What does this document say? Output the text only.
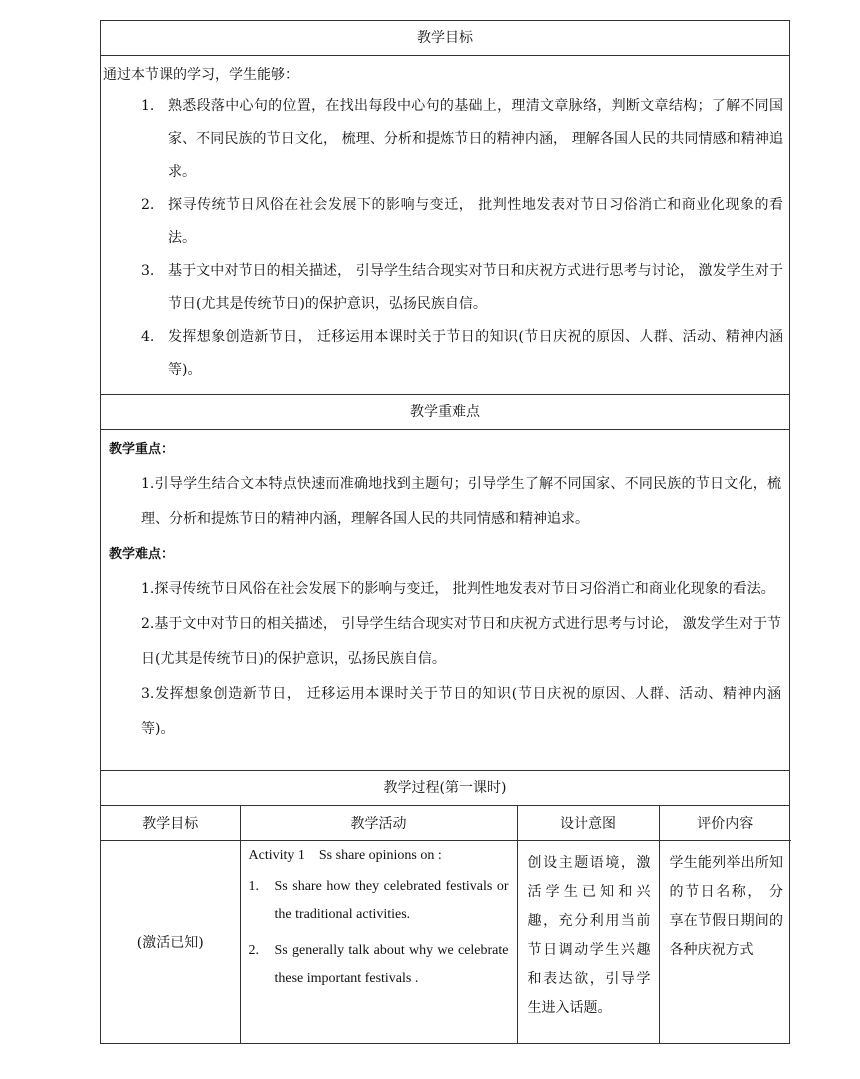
教学目标
通过本节课的学习，学生能够：
1. 熟悉段落中心句的位置，在找出每段中心句的基础上，理清文章脉络，判断文章结构；了解不同国家、不同民族的节日文化， 梳理、分析和提炼节日的精神内涵， 理解各国人民的共同情感和精神追求。
2. 探寻传统节日风俗在社会发展下的影响与变迁， 批判性地发表对节日习俗消亡和商业化现象的看法。
3. 基于文中对节日的相关描述， 引导学生结合现实对节日和庆祝方式进行思考与讨论， 激发学生对于节日(尤其是传统节日)的保护意识，弘扬民族自信。
4. 发挥想象创造新节日， 迁移运用本课时关于节日的知识(节日庆祝的原因、人群、活动、精神内涵等)。
教学重难点
教学重点：
1.引导学生结合文本特点快速而准确地找到主题句；引导学生了解不同国家、不同民族的节日文化，梳理、分析和提炼节日的精神内涵，理解各国人民的共同情感和精神追求。
教学难点：
1.探寻传统节日风俗在社会发展下的影响与变迁， 批判性地发表对节日习俗消亡和商业化现象的看法。
2.基于文中对节日的相关描述， 引导学生结合现实对节日和庆祝方式进行思考与讨论， 激发学生对于节日(尤其是传统节日)的保护意识，弘扬民族自信。
3.发挥想象创造新节日， 迁移运用本课时关于节日的知识(节日庆祝的原因、人群、活动、精神内涵等)。
教学过程(第一课时)
教学目标	教学活动	设计意图	评价内容
(激活已知)	Activity 1    Ss share opinions on :
1. Ss share how they celebrated festivals or the traditional activities.
2. Ss generally talk about why we celebrate these important festivals .	创设主题语境，激活学生已知和兴趣，充分利用当前节日调动学生兴趣和表达欲，引导学生进入话题。	学生能列举出所知的节日名称， 分享在节假日期间的各种庆祝方式
